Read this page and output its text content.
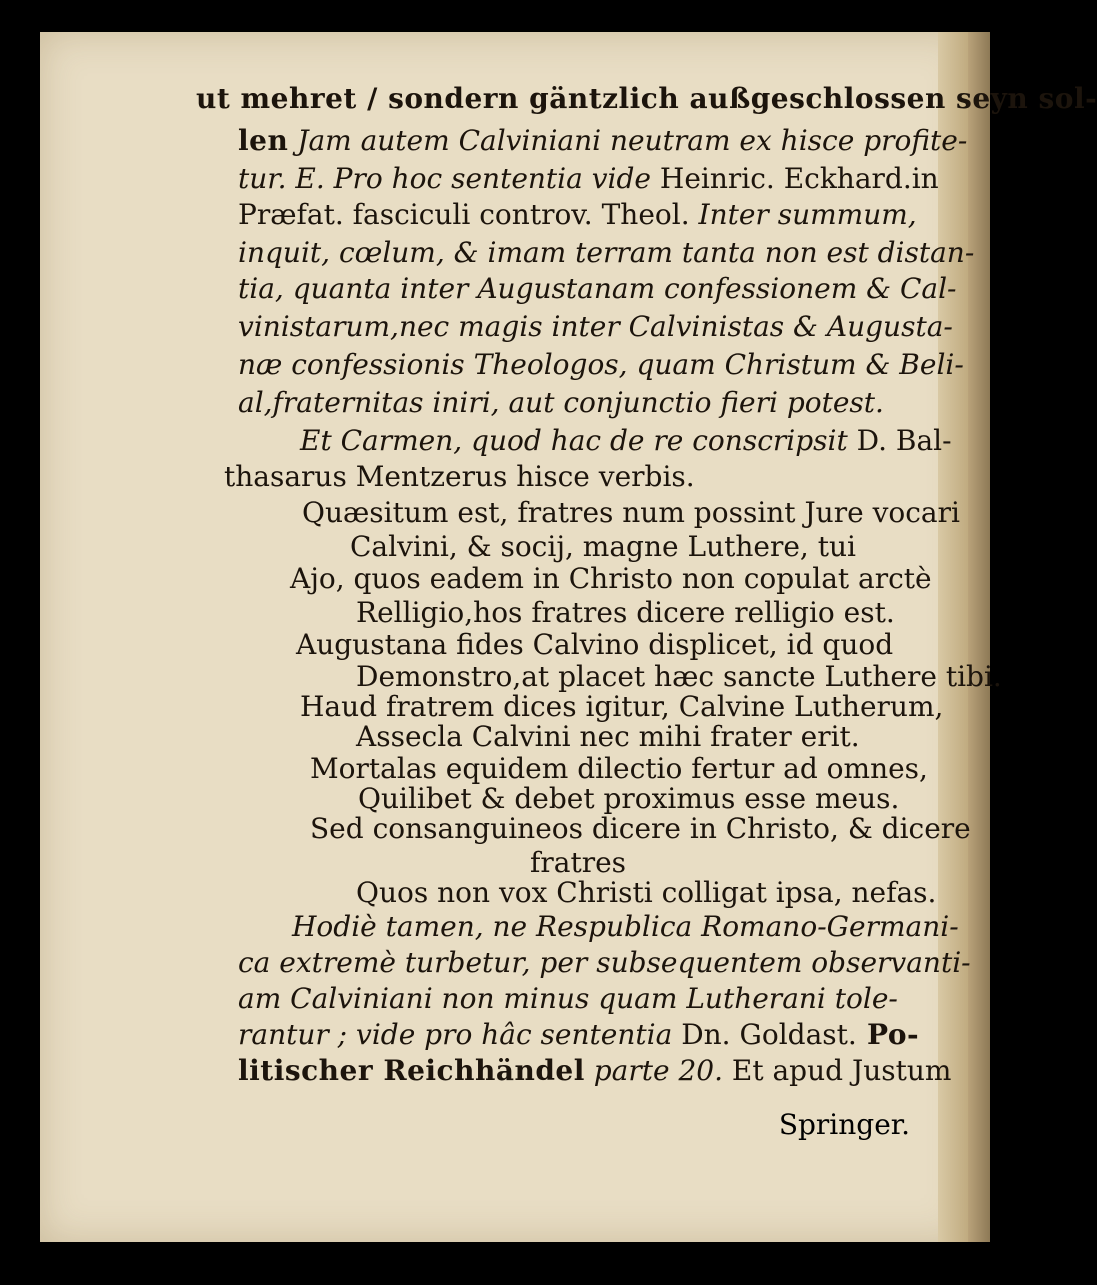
ut mehret / sondern gäntzlich außgeschlossen seyn sol-
len Jam autem Calviniani neutram ex hisce profite-
tur. E. Pro hoc sententia vide Heinric. Eckhard.in
Præfat. fasciculi controv. Theol. Inter summum,
inquit, cœlum, & imam terram tanta non est distan-
tia, quanta inter Augustanam confessionem & Cal-
vinistarum,nec magis inter Calvinistas & Augusta-
næ confessionis Theologos, quam Christum & Beli-
al,fraternitas iniri, aut conjunctio fieri potest.
Et Carmen, quod hac de re conscripsit D. Bal-
thasarus Mentzerus hisce verbis.
Quæsitum est, fratres num possint Jure vocari
Calvini, & socij, magne Luthere, tui
Ajo, quos eadem in Christo non copulat arctè
Relligio,hos fratres dicere relligio est.
Augustana fides Calvino displicet, id quod
Demonstro,at placet hæc sancte Luthere tibi.
Haud fratrem dices igitur, Calvine Lutherum,
Assecla Calvini nec mihi frater erit.
Mortalas equidem dilectio fertur ad omnes,
Quilibet & debet proximus esse meus.
Sed consanguineos dicere in Christo, & dicere
fratres
Quos non vox Christi colligat ipsa, nefas.
Hodiè tamen, ne Respublica Romano-Germani-
ca extremè turbetur, per subsequentem observanti-
am Calviniani non minus quam Lutherani tole-
rantur ; vide pro hâc sententia Dn. Goldast. Po-
litischer Reichhändel parte 20. Et apud Justum
Springer.
